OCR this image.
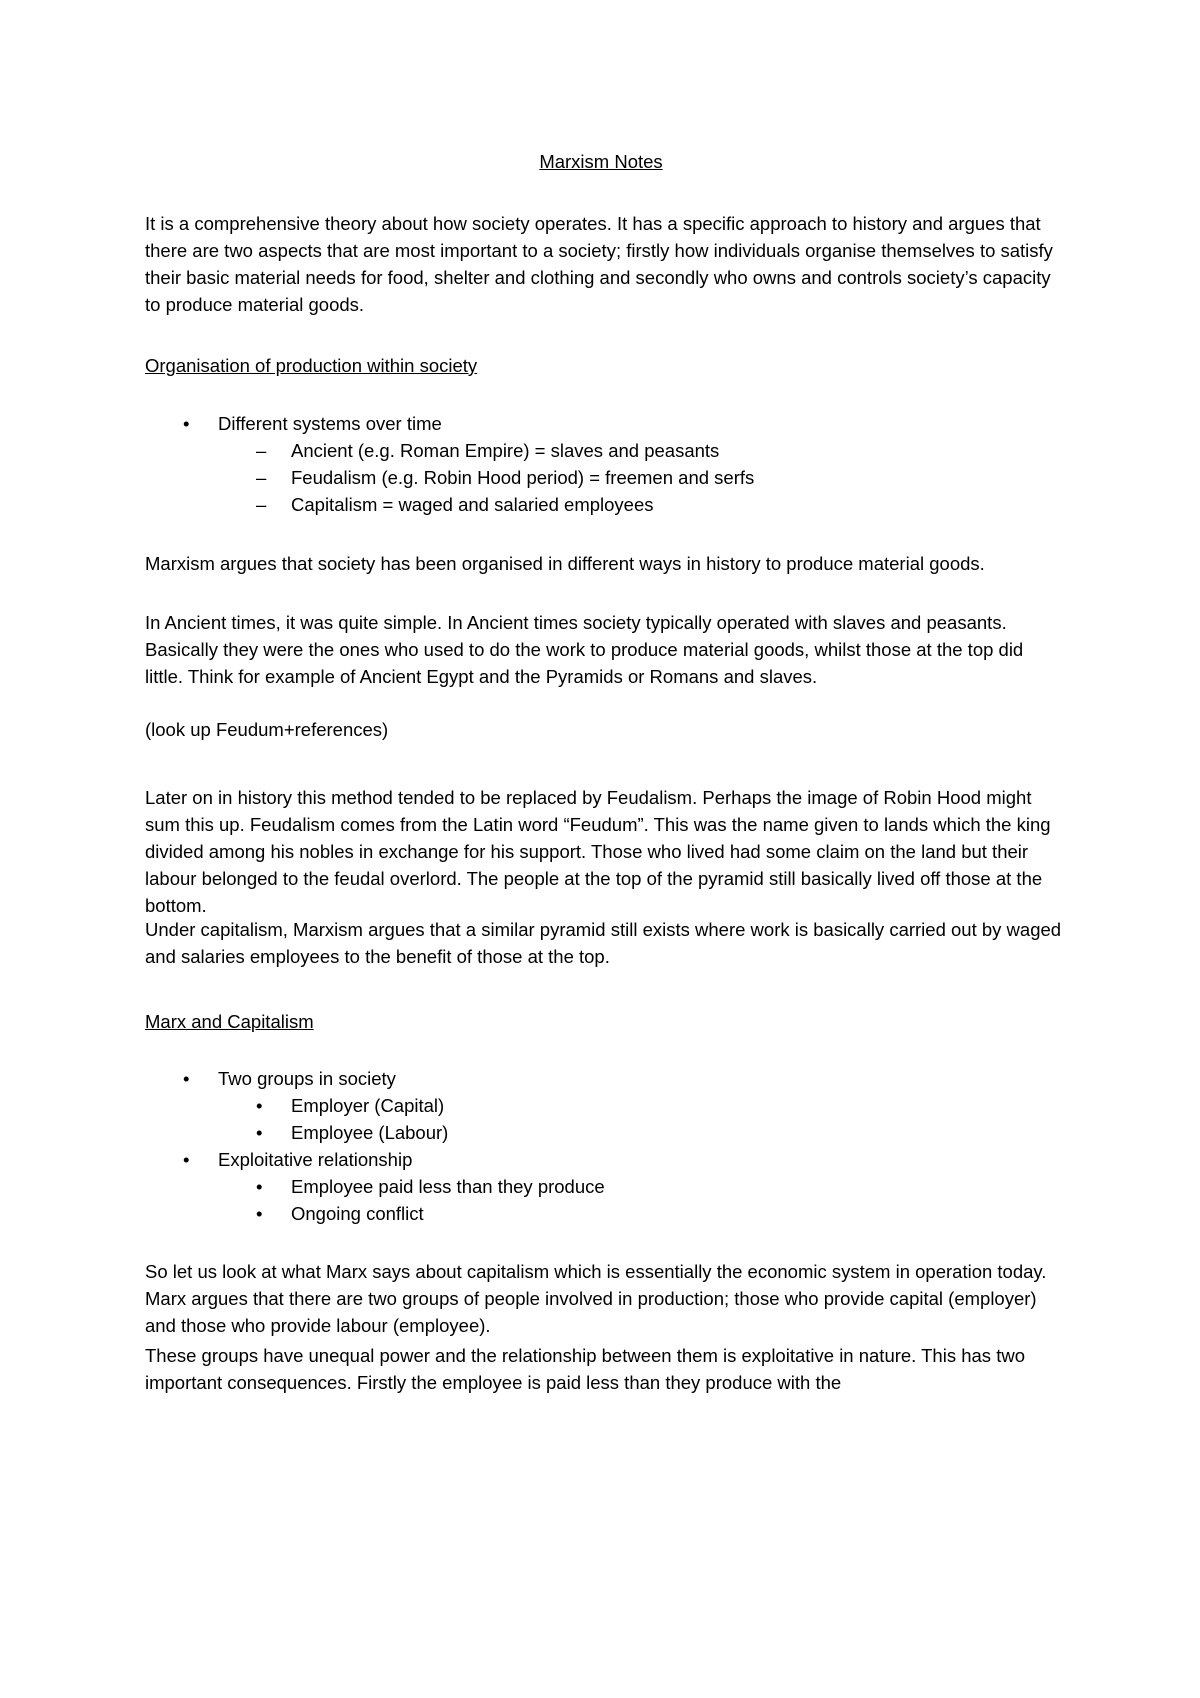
Marxism Notes

It is a comprehensive theory about how society operates. It has a specific approach to history and argues that there are two aspects that are most important to a society; firstly how individuals organise themselves to satisfy their basic material needs for food, shelter and clothing and secondly who owns and controls society’s capacity to produce material goods.

Organisation of production within society
• Different systems over time
– Ancient (e.g. Roman Empire) = slaves and peasants
– Feudalism (e.g. Robin Hood period) = freemen and serfs
– Capitalism = waged and salaried employees

Marxism argues that society has been organised in different ways in history to produce material goods.

In Ancient times, it was quite simple. In Ancient times society typically operated with slaves and peasants. Basically they were the ones who used to do the work to produce material goods, whilst those at the top did little. Think for example of Ancient Egypt and the Pyramids or Romans and slaves.

(look up Feudum+references)

Later on in history this method tended to be replaced by Feudalism. Perhaps the image of Robin Hood might sum this up. Feudalism comes from the Latin word “Feudum”. This was the name given to lands which the king divided among his nobles in exchange for his support. Those who lived had some claim on the land but their labour belonged to the feudal overlord. The people at the top of the pyramid still basically lived off those at the bottom.

Under capitalism, Marxism argues that a similar pyramid still exists where work is basically carried out by waged and salaries employees to the benefit of those at the top.

Marx and Capitalism
• Two groups in society
• Employer (Capital)
• Employee (Labour)
• Exploitative relationship
• Employee paid less than they produce
• Ongoing conflict

So let us look at what Marx says about capitalism which is essentially the economic system in operation today. Marx argues that there are two groups of people involved in production; those who provide capital (employer) and those who provide labour (employee).

These groups have unequal power and the relationship between them is exploitative in nature. This has two important consequences. Firstly the employee is paid less than they produce with the
